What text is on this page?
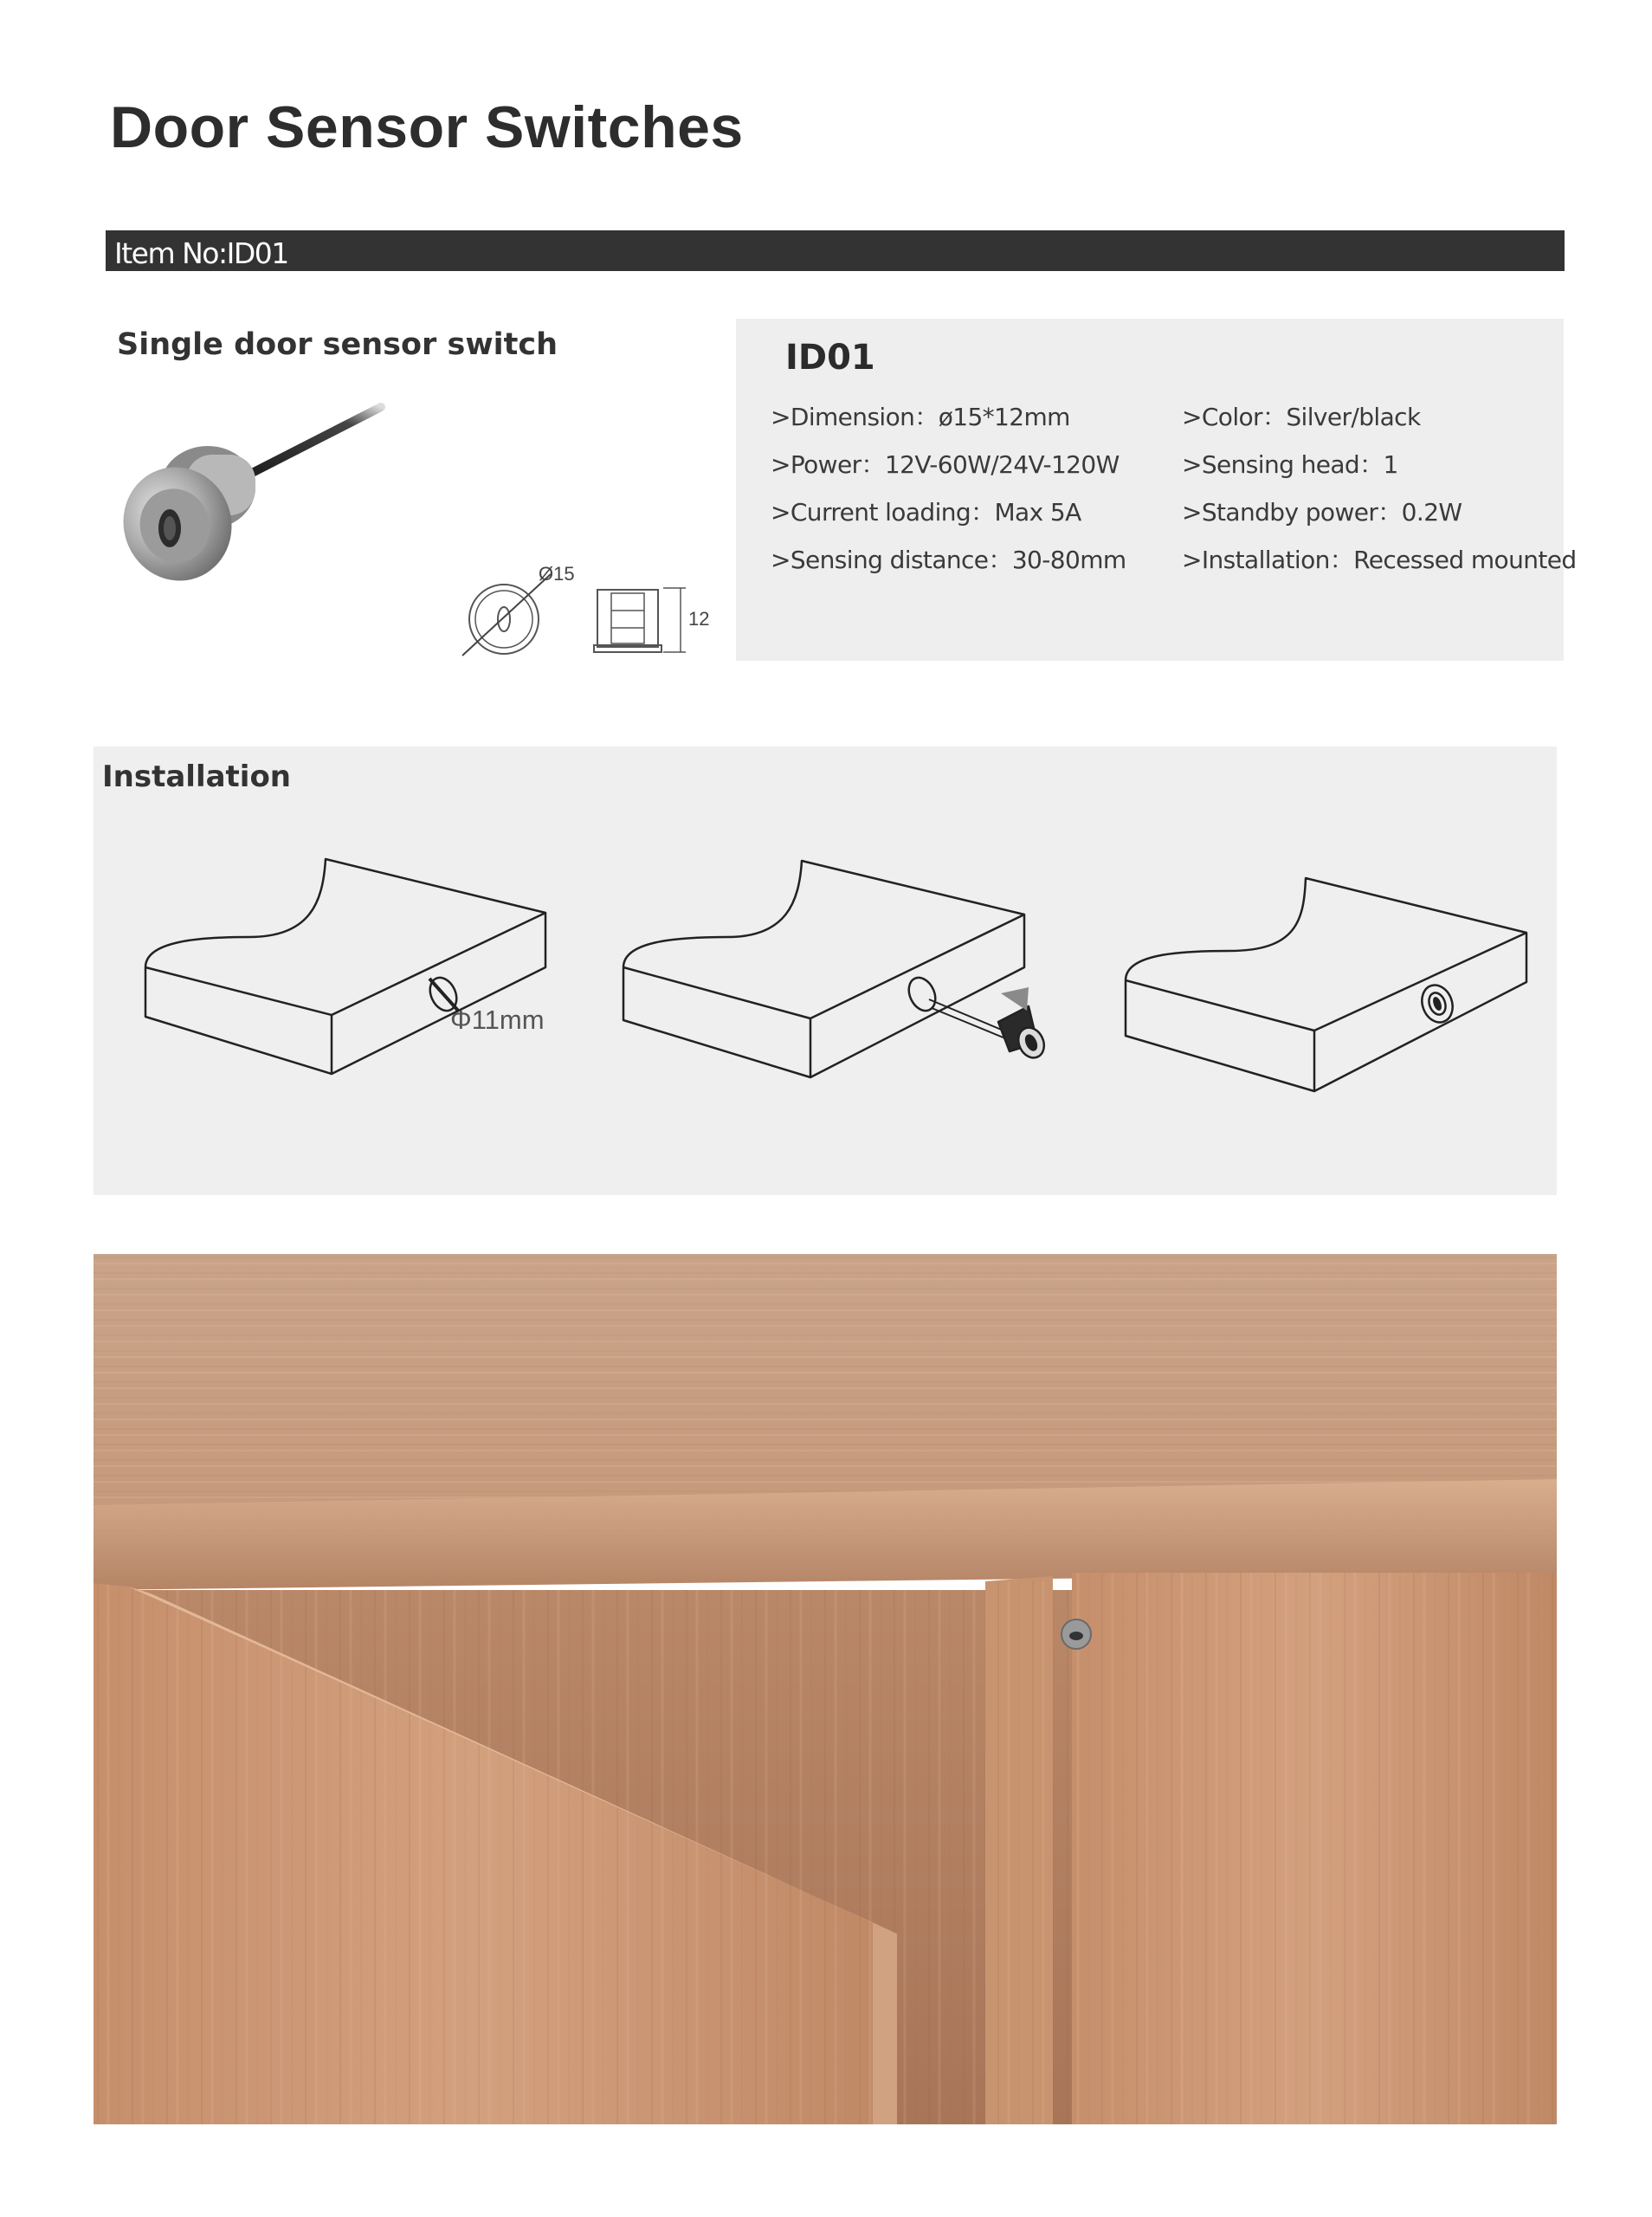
Door Sensor Switches
Item No:ID01
Single door sensor switch
Ø15
12
ID01
>Dimension：ø15*12mm
>Power：12V-60W/24V-120W
>Current loading：Max 5A
>Sensing distance：30-80mm
>Color：Silver/black
>Sensing head：1
>Standby power：0.2W
>Installation：Recessed mounted
Installation
Φ11mm
